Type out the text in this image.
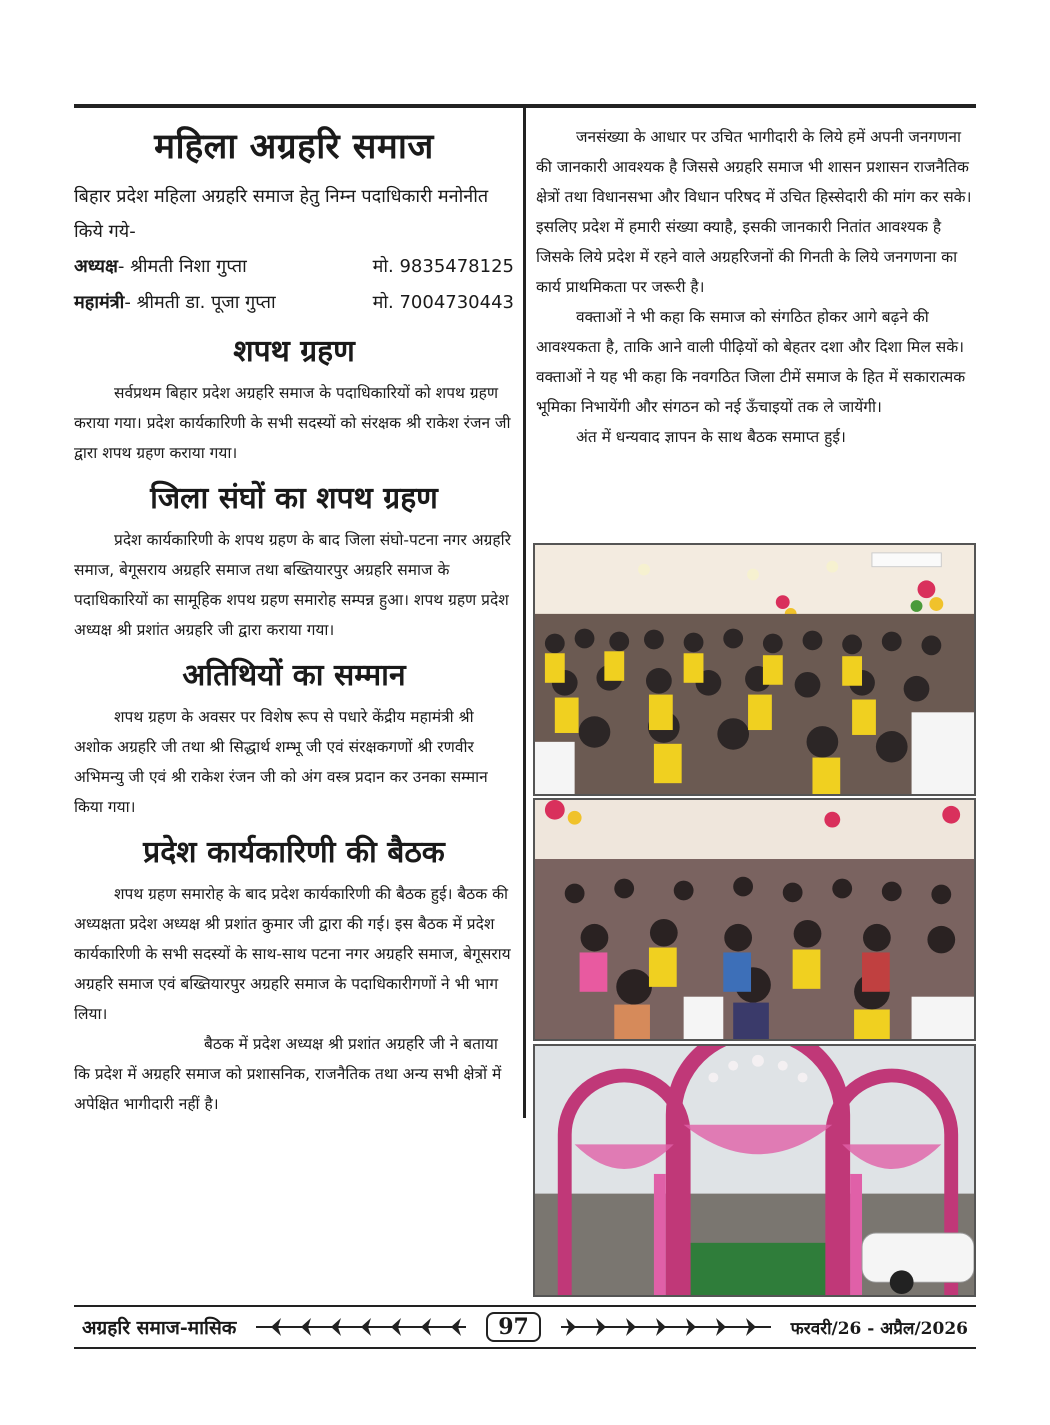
महिला अग्रहरि समाज

बिहार प्रदेश महिला अग्रहरि समाज हेतु निम्न पदाधिकारी मनोनीत किये गये-

अध्यक्ष- श्रीमती निशा गुप्ता	मो. 9835478125
महामंत्री- श्रीमती डा. पूजा गुप्ता	मो. 7004730443
शपथ ग्रहण

सर्वप्रथम बिहार प्रदेश अग्रहरि समाज के पदाधिकारियों को शपथ ग्रहण कराया गया। प्रदेश कार्यकारिणी के सभी सदस्यों को संरक्षक श्री राकेश रंजन जी द्वारा शपथ ग्रहण कराया गया।

जिला संघों का शपथ ग्रहण

प्रदेश कार्यकारिणी के शपथ ग्रहण के बाद जिला संघो-पटना नगर अग्रहरि समाज, बेगूसराय अग्रहरि समाज तथा बख्तियारपुर अग्रहरि समाज के पदाधिकारियों का सामूहिक शपथ ग्रहण समारोह सम्पन्न हुआ। शपथ ग्रहण प्रदेश अध्यक्ष श्री प्रशांत अग्रहरि जी द्वारा कराया गया।

अतिथियों का सम्मान

शपथ ग्रहण के अवसर पर विशेष रूप से पधारे केंद्रीय महामंत्री श्री अशोक अग्रहरि जी तथा श्री सिद्धार्थ शम्भू जी एवं संरक्षकगणों श्री रणवीर अभिमन्यु जी एवं श्री राकेश रंजन जी को अंग वस्त्र प्रदान कर उनका सम्मान किया गया।

प्रदेश कार्यकारिणी की बैठक

शपथ ग्रहण समारोह के बाद प्रदेश कार्यकारिणी की बैठक हुई। बैठक की अध्यक्षता प्रदेश अध्यक्ष श्री प्रशांत कुमार जी द्वारा की गई। इस बैठक में प्रदेश कार्यकारिणी के सभी सदस्यों के साथ-साथ पटना नगर अग्रहरि समाज, बेगूसराय अग्रहरि समाज एवं बख्तियारपुर अग्रहरि समाज के पदाधिकारीगणों ने भी भाग लिया।

बैठक में प्रदेश अध्यक्ष श्री प्रशांत अग्रहरि जी ने बताया कि प्रदेश में अग्रहरि समाज को प्रशासनिक, राजनैतिक तथा अन्य सभी क्षेत्रों में अपेक्षित भागीदारी नहीं है।

जनसंख्या के आधार पर उचित भागीदारी के लिये हमें अपनी जनगणना की जानकारी आवश्यक है जिससे अग्रहरि समाज भी शासन प्रशासन राजनैतिक क्षेत्रों तथा विधानसभा और विधान परिषद में उचित हिस्सेदारी की मांग कर सके। इसलिए प्रदेश में हमारी संख्या क्याहै, इसकी जानकारी नितांत आवश्यक है जिसके लिये प्रदेश में रहने वाले अग्रहरिजनों की गिनती के लिये जनगणना का कार्य प्राथमिकता पर जरूरी है।

वक्ताओं ने भी कहा कि समाज को संगठित होकर आगे बढ़ने की आवश्यकता है, ताकि आने वाली पीढ़ियों को बेहतर दशा और दिशा मिल सके। वक्ताओं ने यह भी कहा कि नवगठित जिला टीमें समाज के हित में सकारात्मक भूमिका निभायेंगी और संगठन को नई ऊँचाइयों तक ले जायेंगी।

अंत में धन्यवाद ज्ञापन के साथ बैठक समाप्त हुई।

अग्रहरि समाज-मासिक	97	फरवरी/26 - अप्रैल/2026
